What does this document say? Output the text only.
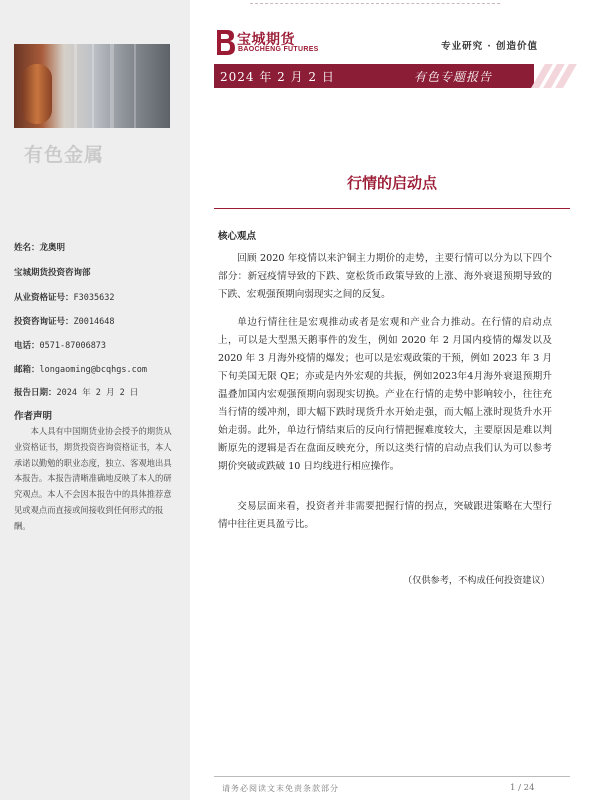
有色金属
姓名：龙奥明
宝城期货投资咨询部
从业资格证号：F3035632
投资咨询证号：Z0014648
电话：0571-87006873
邮箱：longaoming@bcqhgs.com
报告日期：2024 年 2 月 2 日
作者声明

本人具有中国期货业协会授予的期货从业资格证书，期货投资咨询资格证书，本人承诺以勤勉的职业态度，独立、客观地出具本报告。本报告清晰准确地反映了本人的研究观点。本人不会因本报告中的具体推荐意见或观点而直接或间接收到任何形式的报酬。

宝城期货
BAOCHENG FUTURES	专业研究 · 创造价值
2024 年 2 月 2 日	有色专题报告
行情的启动点
核心观点

回顾 2020 年疫情以来沪铜主力期价的走势，主要行情可以分为以下四个部分：新冠疫情导致的下跌、宽松货币政策导致的上涨、海外衰退预期导致的下跌、宏观强预期向弱现实之间的反复。

单边行情往往是宏观推动或者是宏观和产业合力推动。在行情的启动点上，可以是大型黑天鹅事件的发生，例如 2020 年 2 月国内疫情的爆发以及 2020 年 3 月海外疫情的爆发；也可以是宏观政策的干预，例如 2023 年 3 月下旬美国无限 QE；亦或是内外宏观的共振，例如2023年4月海外衰退预期升温叠加国内宏观强预期向弱现实切换。产业在行情的走势中影响较小，往往充当行情的缓冲剂，即大幅下跌时现货升水开始走强，而大幅上涨时现货升水开始走弱。此外，单边行情结束后的反向行情把握难度较大，主要原因是难以判断原先的逻辑是否在盘面反映充分，所以这类行情的启动点我们认为可以参考期价突破或跌破 10 日均线进行相应操作。

交易层面来看，投资者并非需要把握行情的拐点，突破跟进策略在大型行情中往往更具盈亏比。

（仅供参考，不构成任何投资建议）
请务必阅读文末免责条款部分	1 / 24
